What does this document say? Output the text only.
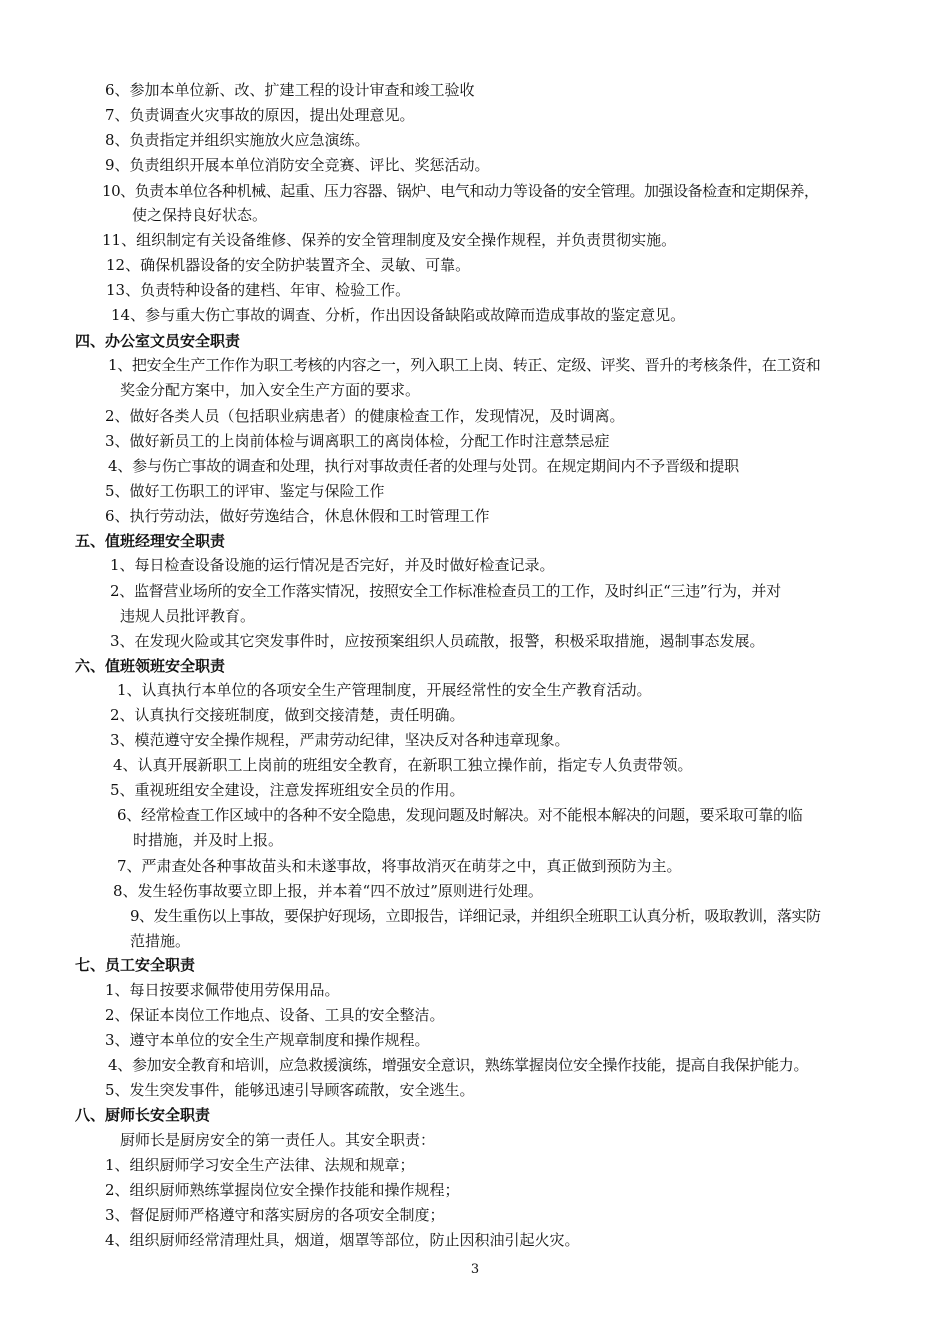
6、参加本单位新、改、扩建工程的设计审查和竣工验收
7、负责调查火灾事故的原因，提出处理意见。
8、负责指定并组织实施放火应急演练。
9、负责组织开展本单位消防安全竞赛、评比、奖惩活动。
10、负责本单位各种机械、起重、压力容器、锅炉、电气和动力等设备的安全管理。加强设备检查和定期保养，
使之保持良好状态。
11、组织制定有关设备维修、保养的安全管理制度及安全操作规程，并负责贯彻实施。
12、确保机器设备的安全防护装置齐全、灵敏、可靠。
13、负责特种设备的建档、年审、检验工作。
14、参与重大伤亡事故的调查、分析，作出因设备缺陷或故障而造成事故的鉴定意见。
四、办公室文员安全职责
1、把安全生产工作作为职工考核的内容之一，列入职工上岗、转正、定级、评奖、晋升的考核条件，在工资和
奖金分配方案中，加入安全生产方面的要求。
2、做好各类人员（包括职业病患者）的健康检查工作，发现情况，及时调离。
3、做好新员工的上岗前体检与调离职工的离岗体检，分配工作时注意禁忌症
4、参与伤亡事故的调查和处理，执行对事故责任者的处理与处罚。在规定期间内不予晋级和提职
5、做好工伤职工的评审、鉴定与保险工作
6、执行劳动法，做好劳逸结合，休息休假和工时管理工作
五、值班经理安全职责
1、每日检查设备设施的运行情况是否完好，并及时做好检查记录。
2、监督营业场所的安全工作落实情况，按照安全工作标准检查员工的工作，及时纠正“三违”行为，并对
违规人员批评教育。
3、在发现火险或其它突发事件时，应按预案组织人员疏散，报警，积极采取措施，遏制事态发展。
六、值班领班安全职责
1、认真执行本单位的各项安全生产管理制度，开展经常性的安全生产教育活动。
2、认真执行交接班制度，做到交接清楚，责任明确。
3、模范遵守安全操作规程，严肃劳动纪律，坚决反对各种违章现象。
4、认真开展新职工上岗前的班组安全教育，在新职工独立操作前，指定专人负责带领。
5、重视班组安全建设，注意发挥班组安全员的作用。
6、经常检查工作区域中的各种不安全隐患，发现问题及时解决。对不能根本解决的问题，要采取可靠的临
时措施，并及时上报。
7、严肃查处各种事故苗头和未遂事故，将事故消灭在萌芽之中，真正做到预防为主。
8、发生轻伤事故要立即上报，并本着“四不放过”原则进行处理。
9、发生重伤以上事故，要保护好现场，立即报告，详细记录，并组织全班职工认真分析，吸取教训，落实防
范措施。
七、员工安全职责
1、每日按要求佩带使用劳保用品。
2、保证本岗位工作地点、设备、工具的安全整洁。
3、遵守本单位的安全生产规章制度和操作规程。
4、参加安全教育和培训，应急救援演练，增强安全意识，熟练掌握岗位安全操作技能，提高自我保护能力。
5、发生突发事件，能够迅速引导顾客疏散，安全逃生。
八、厨师长安全职责
厨师长是厨房安全的第一责任人。其安全职责：
1、组织厨师学习安全生产法律、法规和规章；
2、组织厨师熟练掌握岗位安全操作技能和操作规程；
3、督促厨师严格遵守和落实厨房的各项安全制度；
4、组织厨师经常清理灶具，烟道，烟罩等部位，防止因积油引起火灾。
3
